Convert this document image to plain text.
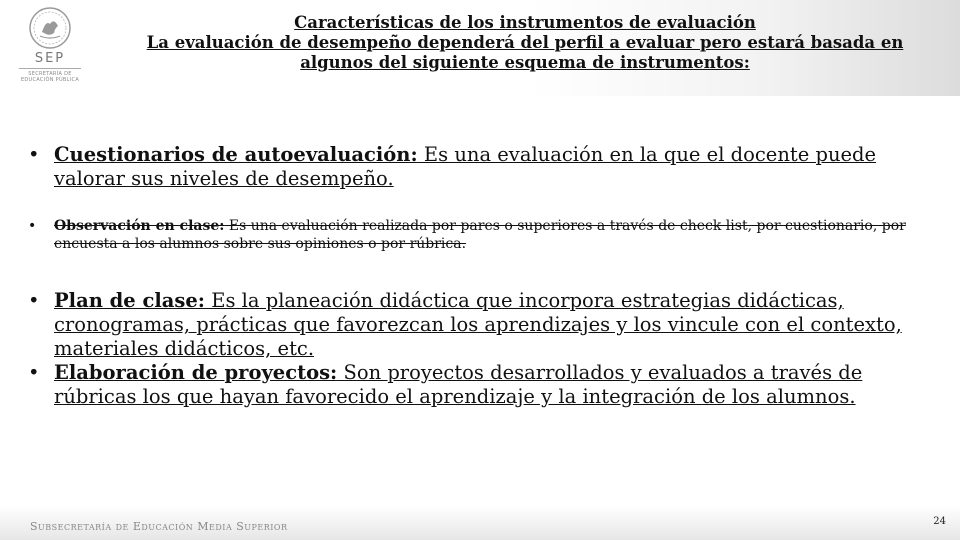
SEP
SECRETARÍA DE
EDUCACIÓN PÚBLICA
Características de los instrumentos de evaluación
La evaluación de desempeño dependerá del perfil a evaluar pero estará basada en
algunos del siguiente esquema de instrumentos:
• Cuestionarios de autoevaluación: Es una evaluación en la que el docente puede valorar sus niveles de desempeño.
• Observación en clase: Es una evaluación realizada por pares o superiores a través de check list, por cuestionario, por encuesta a los alumnos sobre sus opiniones o por rúbrica.
• Plan de clase: Es la planeación didáctica que incorpora estrategias didácticas, cronogramas, prácticas que favorezcan los aprendizajes y los vincule con el contexto, materiales didácticos, etc.
• Elaboración de proyectos: Son proyectos desarrollados y evaluados a través de rúbricas los que hayan favorecido el aprendizaje y la integración de los alumnos.
Subsecretaría de Educación Media Superior	24
